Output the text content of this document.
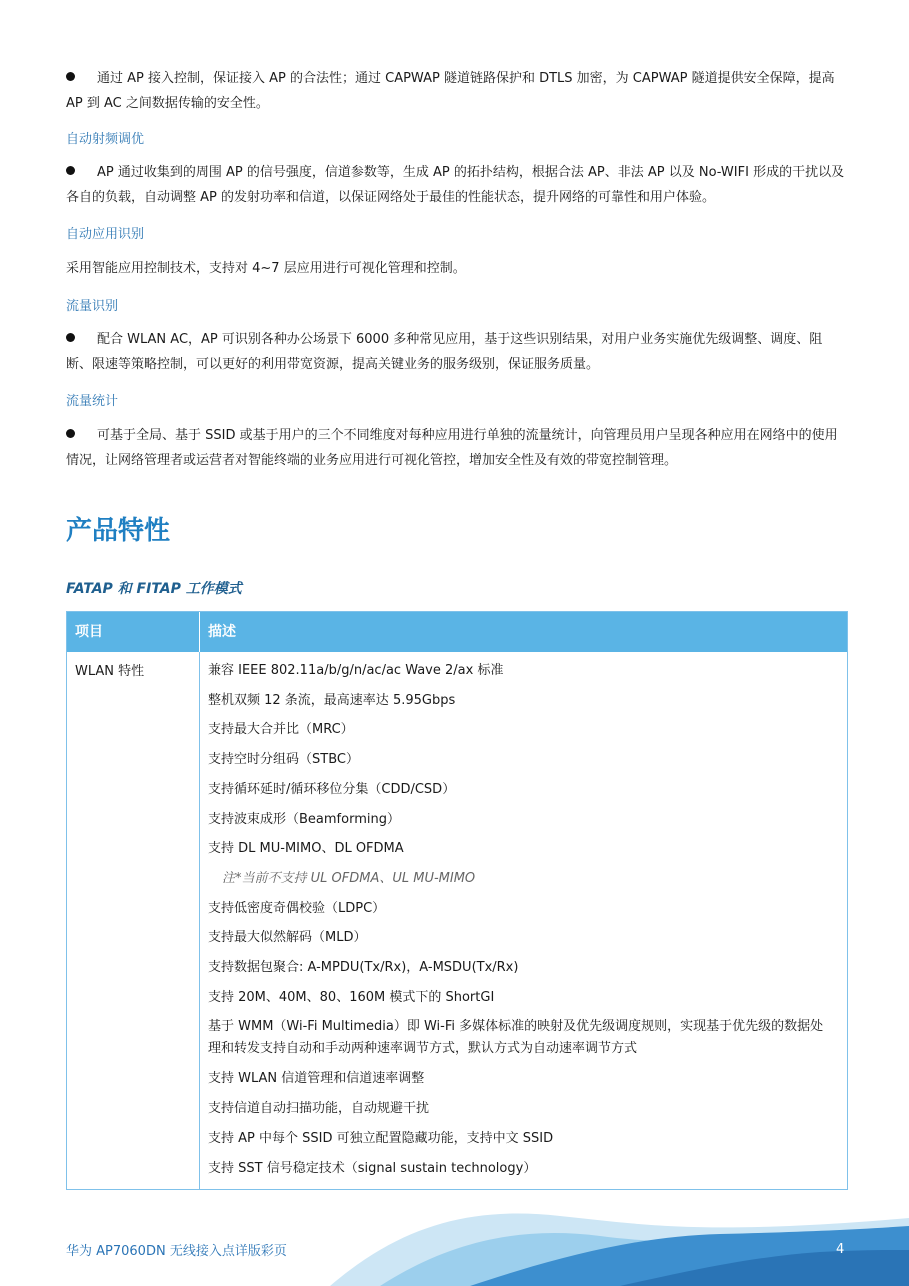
通过 AP 接入控制，保证接入 AP 的合法性；通过 CAPWAP 隧道链路保护和 DTLS 加密，为 CAPWAP 隧道提供安全保障，提高 AP 到 AC 之间数据传输的安全性。

自动射频调优

AP 通过收集到的周围 AP 的信号强度，信道参数等，生成 AP 的拓扑结构，根据合法 AP、非法 AP 以及 No-WIFI 形成的干扰以及各自的负载，自动调整 AP 的发射功率和信道，以保证网络处于最佳的性能状态，提升网络的可靠性和用户体验。

自动应用识别

采用智能应用控制技术，支持对 4~7 层应用进行可视化管理和控制。

流量识别

配合 WLAN AC，AP 可识别各种办公场景下 6000 多种常见应用，基于这些识别结果，对用户业务实施优先级调整、调度、阻断、限速等策略控制，可以更好的利用带宽资源，提高关键业务的服务级别，保证服务质量。

流量统计

可基于全局、基于 SSID 或基于用户的三个不同维度对每种应用进行单独的流量统计，向管理员用户呈现各种应用在网络中的使用情况，让网络管理者或运营者对智能终端的业务应用进行可视化管控，增加安全性及有效的带宽控制管理。

产品特性

FATAP 和 FITAP 工作模式

项目	描述
WLAN 特性	兼容 IEEE 802.11a/b/g/n/ac/ac Wave 2/ax 标准

整机双频 12 条流，最高速率达 5.95Gbps

支持最大合并比（MRC）

支持空时分组码（STBC）

支持循环延时/循环移位分集（CDD/CSD）

支持波束成形（Beamforming）

支持 DL MU-MIMO、DL OFDMA

注*当前不支持 UL OFDMA、UL MU-MIMO

支持低密度奇偶校验（LDPC）

支持最大似然解码（MLD）

支持数据包聚合: A-MPDU(Tx/Rx)，A-MSDU(Tx/Rx)

支持 20M、40M、80、160M 模式下的 ShortGI

基于 WMM（Wi-Fi Multimedia）即 Wi-Fi 多媒体标准的映射及优先级调度规则，实现基于优先级的数据处理和转发支持自动和手动两种速率调节方式，默认方式为自动速率调节方式

支持 WLAN 信道管理和信道速率调整

支持信道自动扫描功能，自动规避干扰

支持 AP 中每个 SSID 可独立配置隐藏功能，支持中文 SSID

支持 SST 信号稳定技术（signal sustain technology）

华为 AP7060DN 无线接入点详版彩页	4
